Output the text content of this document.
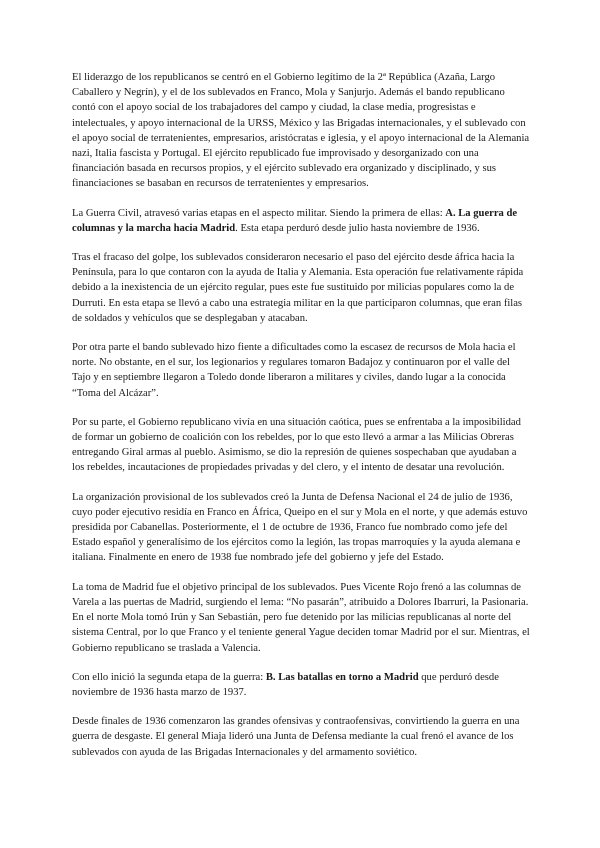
El liderazgo de los republicanos se centró en el Gobierno legítimo de la 2ª República (Azaña, Largo Caballero y Negrín), y el de los sublevados en Franco, Mola y Sanjurjo. Además el bando republicano contó con el apoyo social de los trabajadores del campo y ciudad, la clase media, progresistas e intelectuales, y apoyo internacional de la URSS, México y las Brigadas internacionales, y el sublevado con el apoyo social de terratenientes, empresarios, aristócratas e iglesia, y el apoyo internacional de la Alemania nazi, Italia fascista y Portugal. El ejército republicado fue improvisado y desorganizado con una financiación basada en recursos propios, y el ejército sublevado era organizado y disciplinado, y sus financiaciones se basaban en recursos de terratenientes y empresarios.

La Guerra Civil, atravesó varias etapas en el aspecto militar. Siendo la primera de ellas: A. La guerra de columnas y la marcha hacia Madrid. Esta etapa perduró desde julio hasta noviembre de 1936.

Tras el fracaso del golpe, los sublevados consideraron necesario el paso del ejército desde áfrica hacia la Península, para lo que contaron con la ayuda de Italia y Alemania. Esta operación fue relativamente rápida debido a la inexistencia de un ejército regular, pues este fue sustituido por milicias populares como la de Durruti. En esta etapa se llevó a cabo una estrategia militar en la que participaron columnas, que eran filas de soldados y vehículos que se desplegaban y atacaban.

Por otra parte el bando sublevado hizo fiente a dificultades como la escasez de recursos de Mola hacia el norte. No obstante, en el sur, los legionarios y regulares tomaron Badajoz y continuaron por el valle del Tajo y en septiembre llegaron a Toledo donde liberaron a militares y civiles, dando lugar a la conocida “Toma del Alcázar”.

Por su parte, el Gobierno republicano vivía en una situación caótica, pues se enfrentaba a la imposibilidad de formar un gobierno de coalición con los rebeldes, por lo que esto llevó a armar a las Milicias Obreras entregando Giral armas al pueblo. Asimismo, se dio la represión de quienes sospechaban que ayudaban a los rebeldes, incautaciones de propiedades privadas y del clero, y el intento de desatar una revolución.

La organización provisional de los sublevados creó la Junta de Defensa Nacional el 24 de julio de 1936, cuyo poder ejecutivo residía en Franco en África, Queipo en el sur y Mola en el norte, y que además estuvo presidida por Cabanellas. Posteriormente, el 1 de octubre de 1936, Franco fue nombrado como jefe del Estado español y generalísimo de los ejércitos como la legión, las tropas marroquíes y la ayuda alemana e italiana. Finalmente en enero de 1938 fue nombrado jefe del gobierno y jefe del Estado.

La toma de Madrid fue el objetivo principal de los sublevados. Pues Vicente Rojo frenó a las columnas de Varela a las puertas de Madrid, surgiendo el lema: “No pasarán”, atribuido a Dolores Ibarruri, la Pasionaria. En el norte Mola tomó Irún y San Sebastián, pero fue detenido por las milicias republicanas al norte del sistema Central, por lo que Franco y el teniente general Yague deciden tomar Madrid por el sur. Mientras, el Gobierno republicano se traslada a Valencia.

Con ello inició la segunda etapa de la guerra: B. Las batallas en torno a Madrid que perduró desde noviembre de 1936 hasta marzo de 1937.

Desde finales de 1936 comenzaron las grandes ofensivas y contraofensivas, convirtiendo la guerra en una guerra de desgaste. El general Miaja lideró una Junta de Defensa mediante la cual frenó el avance de los sublevados con ayuda de las Brigadas Internacionales y del armamento soviético.
